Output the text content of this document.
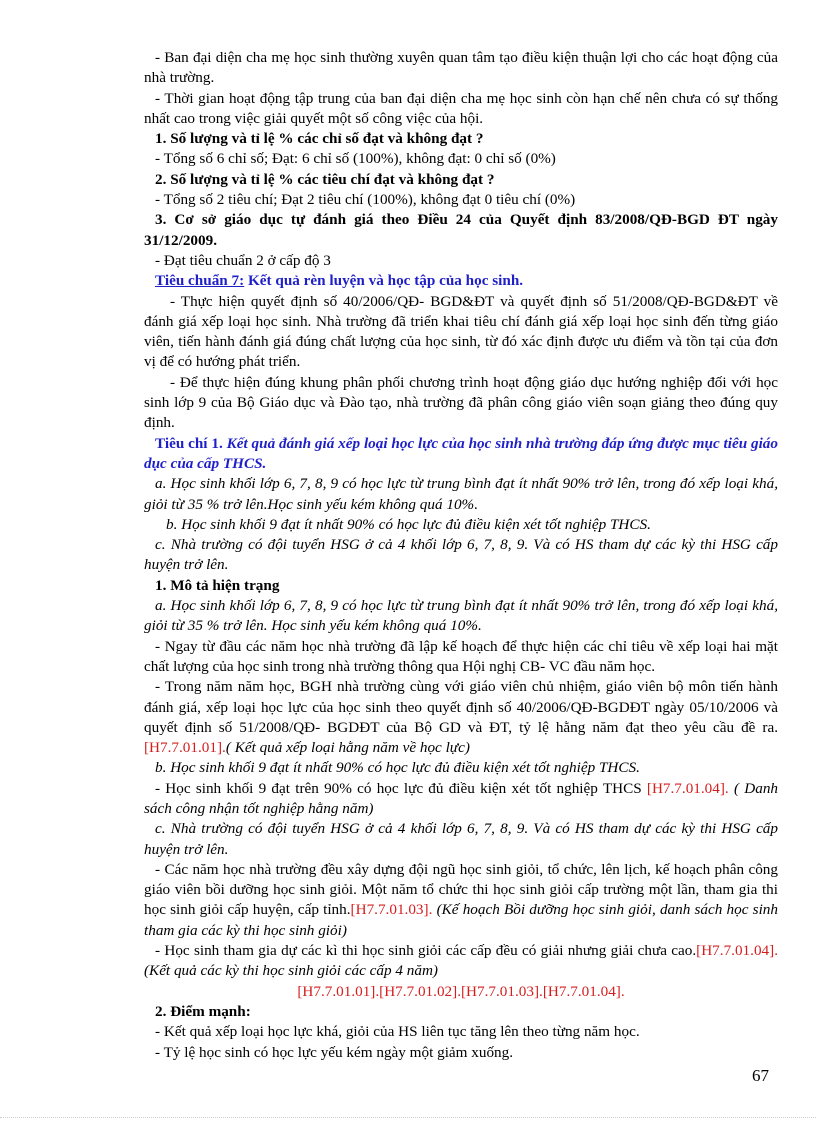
- Ban đại diện cha mẹ học sinh thường xuyên quan tâm tạo điều kiện thuận lợi cho các hoạt động của nhà trường.

- Thời gian hoạt động tập trung của ban đại diện cha mẹ học sinh còn hạn chế nên chưa có sự thống nhất cao trong việc giải quyết một số công việc của hội.

1. Số lượng và tỉ lệ % các chỉ số đạt và không đạt ?

- Tổng số 6 chỉ số; Đạt: 6 chỉ số (100%), không đạt: 0 chỉ số (0%)

2. Số lượng và tỉ lệ % các tiêu chí đạt và không đạt ?

- Tổng số 2 tiêu chí; Đạt 2 tiêu chí (100%), không đạt 0 tiêu chí (0%)

3. Cơ sở giáo dục tự đánh giá theo Điều 24 của Quyết định 83/2008/QĐ-BGD ĐT ngày 31/12/2009.

- Đạt tiêu chuẩn 2 ở cấp độ 3

Tiêu chuẩn 7: Kết quả rèn luyện và học tập của học sinh.

- Thực hiện quyết định số 40/2006/QĐ- BGD&ĐT và quyết định số 51/2008/QĐ-BGD&ĐT về đánh giá xếp loại học sinh. Nhà trường đã triển khai tiêu chí đánh giá xếp loại học sinh đến từng giáo viên, tiến hành đánh giá đúng chất lượng của học sinh, từ đó xác định được ưu điểm và tồn tại của đơn vị để có hướng phát triển.

- Để thực hiện đúng khung phân phối chương trình hoạt động giáo dục hướng nghiệp đối với học sinh lớp 9 của Bộ Giáo dục và Đào tạo, nhà trường đã phân công giáo viên soạn giảng theo đúng quy định.

Tiêu chí 1. Kết quả đánh giá xếp loại học lực của học sinh nhà trường đáp ứng được mục tiêu giáo dục của cấp THCS.

a. Học sinh khối lớp 6, 7, 8, 9 có học lực từ trung bình đạt ít nhất 90% trở lên, trong đó xếp loại khá, giỏi từ 35 % trở lên.Học sinh yếu kém không quá 10%.

b. Học sinh khối 9 đạt ít nhất 90% có học lực đủ điều kiện xét tốt nghiệp THCS.

c. Nhà trường có đội tuyển HSG ở cả 4 khối lớp 6, 7, 8, 9. Và có HS tham dự các kỳ thi HSG cấp huyện trở lên.

1. Mô tả hiện trạng

a. Học sinh khối lớp 6, 7, 8, 9 có học lực từ trung bình đạt ít nhất 90% trở lên, trong đó xếp loại khá, giỏi từ 35 % trở lên. Học sinh yếu kém không quá 10%.

- Ngay từ đầu các năm học nhà trường đã lập kế hoạch để thực hiện các chỉ tiêu về xếp loại hai mặt chất lượng của học sinh trong nhà trường thông qua Hội nghị CB- VC đầu năm học.

- Trong năm năm học, BGH nhà trường cùng với giáo viên chủ nhiệm, giáo viên bộ môn tiến hành đánh giá, xếp loại học lực của học sinh theo quyết định số 40/2006/QĐ-BGDĐT ngày 05/10/2006 và quyết định số 51/2008/QĐ- BGDĐT của Bộ GD và ĐT, tỷ lệ hằng năm đạt theo yêu cầu đề ra. [H7.7.01.01].( Kết quả xếp loại hằng năm về học lực)

b. Học sinh khối 9 đạt ít nhất 90% có học lực đủ điều kiện xét tốt nghiệp THCS.

- Học sinh khối 9 đạt trên 90% có học lực đủ điều kiện xét tốt nghiệp THCS [H7.7.01.04]. ( Danh sách công nhận tốt nghiệp hằng năm)

c. Nhà trường có đội tuyển HSG ở cả 4 khối lớp 6, 7, 8, 9. Và có HS tham dự các kỳ thi HSG cấp huyện trở lên.

- Các năm học nhà trường đều xây dựng đội ngũ học sinh giỏi, tổ chức, lên lịch, kế hoạch phân công giáo viên bồi dưỡng học sinh giỏi. Một năm tổ chức thi học sinh giỏi cấp trường một lần, tham gia thi học sinh giỏi cấp huyện, cấp tỉnh.[H7.7.01.03]. (Kế hoạch Bồi dưỡng học sinh giỏi, danh sách học sinh tham gia các kỳ thi học sinh giỏi)

- Học sinh tham gia dự các kì thi học sinh giỏi các cấp đều có giải nhưng giải chưa cao.[H7.7.01.04]. (Kết quả các kỳ thi học sinh giỏi các cấp 4 năm)

[H7.7.01.01].[H7.7.01.02].[H7.7.01.03].[H7.7.01.04].

2. Điểm mạnh:

- Kết quả xếp loại học lực khá, giỏi của HS liên tục tăng lên theo từng năm học.

- Tỷ lệ học sinh có học lực yếu kém ngày một giảm xuống.

67
